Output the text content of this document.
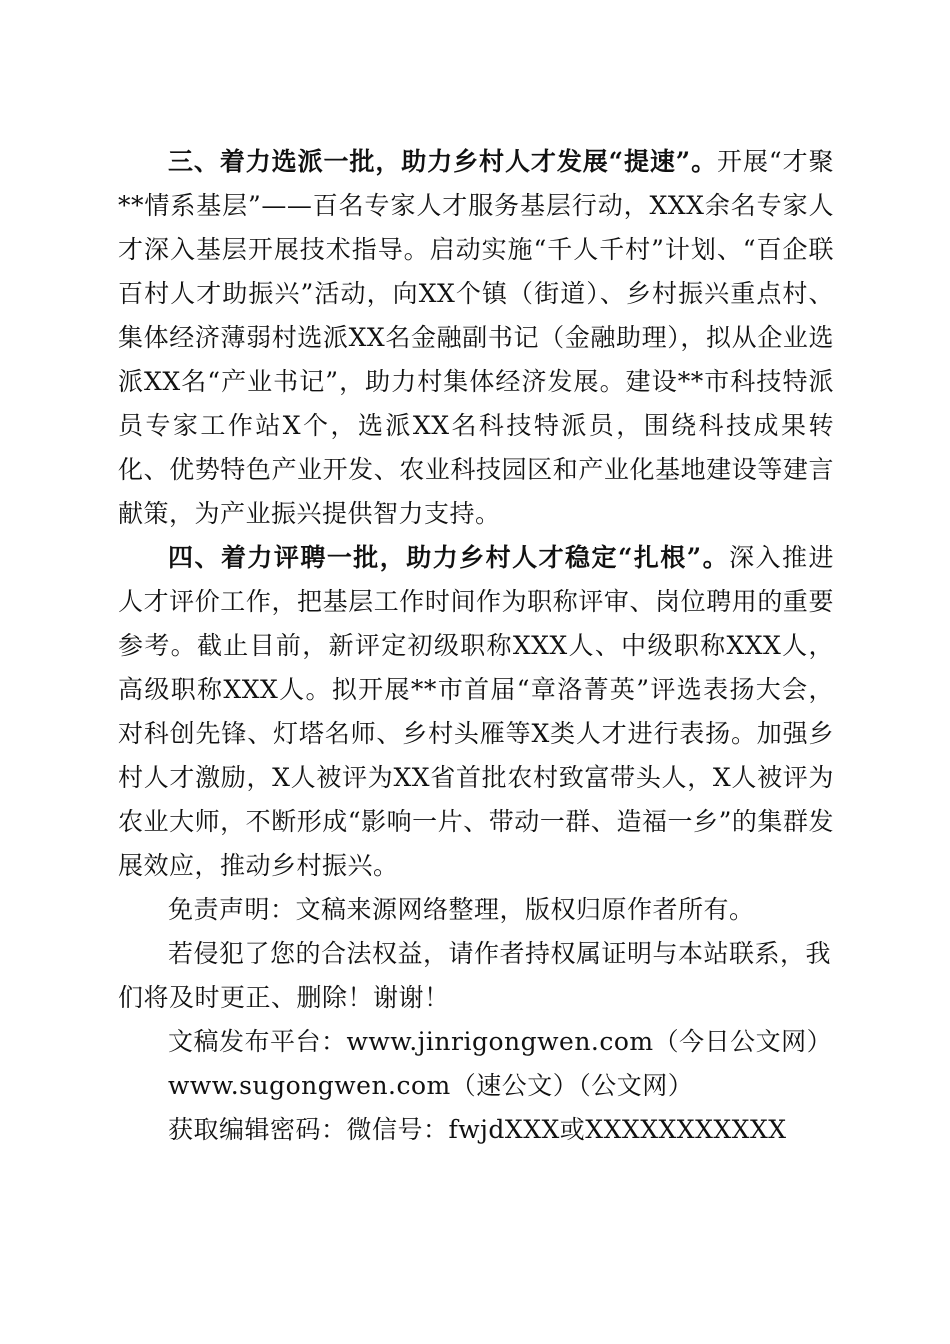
三、着力选派一批，助力乡村人才发展“提速”。开展“才聚**情系基层”——百名专家人才服务基层行动，XXX余名专家人才深入基层开展技术指导。启动实施“千人千村”计划、“百企联百村人才助振兴”活动，向XX个镇（街道）、乡村振兴重点村、集体经济薄弱村选派XX名金融副书记（金融助理），拟从企业选派XX名“产业书记”，助力村集体经济发展。建设**市科技特派员专家工作站X个，选派XX名科技特派员，围绕科技成果转化、优势特色产业开发、农业科技园区和产业化基地建设等建言献策，为产业振兴提供智力支持。

四、着力评聘一批，助力乡村人才稳定“扎根”。深入推进人才评价工作，把基层工作时间作为职称评审、岗位聘用的重要参考。截止目前，新评定初级职称XXX人、中级职称XXX人，高级职称XXX人。拟开展**市首届“章洛菁英”评选表扬大会，对科创先锋、灯塔名师、乡村头雁等X类人才进行表扬。加强乡村人才激励，X人被评为XX省首批农村致富带头人，X人被评为农业大师，不断形成“影响一片、带动一群、造福一乡”的集群发展效应，推动乡村振兴。

免责声明：文稿来源网络整理，版权归原作者所有。

若侵犯了您的合法权益，请作者持权属证明与本站联系，我们将及时更正、删除！谢谢！

文稿发布平台：www.jinrigongwen.com（今日公文网）

www.sugongwen.com（速公文）（公文网）

获取编辑密码：微信号：fwjdXXX或XXXXXXXXXXX
